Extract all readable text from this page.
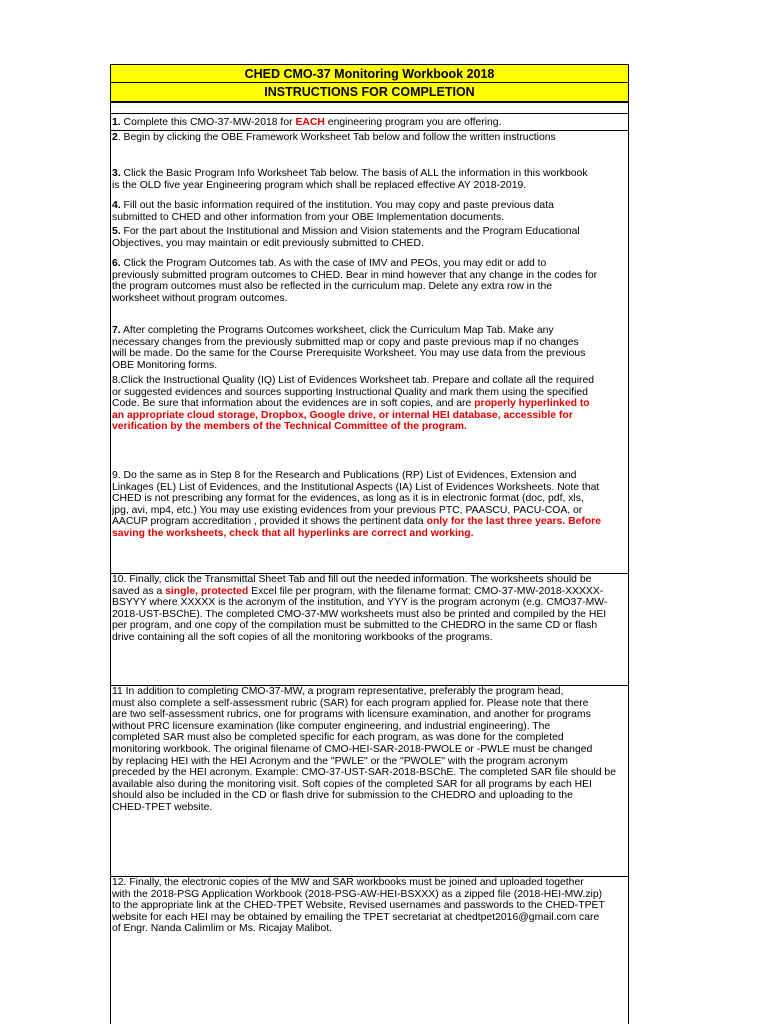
CHED CMO-37 Monitoring Workbook 2018
INSTRUCTIONS FOR COMPLETION
1. Complete this CMO-37-MW-2018 for EACH engineering program you are offering.
2. Begin by clicking the OBE Framework Worksheet Tab below and follow the written instructions
3. Click the Basic Program Info Worksheet Tab below. The basis of ALL the information in this workbook
is the OLD five year Engineering program which shall be replaced effective AY 2018-2019.
4. Fill out the basic information required of the institution. You may copy and paste previous data
submitted to CHED and other information from your OBE Implementation documents.
5. For the part about the Institutional and Mission and Vision statements and the Program Educational
Objectives, you may maintain or edit previously submitted to CHED.
6. Click the Program Outcomes tab. As with the case of IMV and PEOs, you may edit or add to
previously submitted program outcomes to CHED. Bear in mind however that any change in the codes for
the program outcomes must also be reflected in the curriculum map. Delete any extra row in the
worksheet without program outcomes.
7. After completing the Programs Outcomes worksheet, click the Curriculum Map Tab. Make any
necessary changes from the previously submitted map or copy and paste previous map if no changes
will be made. Do the same for the Course Prerequisite Worksheet. You may use data from the previous
OBE Monitoring forms.
8.Click the Instructional Quality (IQ) List of Evidences Worksheet tab. Prepare and collate all the required
or suggested evidences and sources supporting Instructional Quality and mark them using the specified
Code. Be sure that information about the evidences are in soft copies, and are properly hyperlinked to
an appropriate cloud storage, Dropbox, Google drive, or internal HEI database, accessible for
verification by the members of the Technical Committee of the program.
9. Do the same as in Step 8 for the Research and Publications (RP) List of Evidences, Extension and
Linkages (EL) List of Evidences, and the Institutional Aspects (IA) List of Evidences Worksheets. Note that
CHED is not prescribing any format for the evidences, as long as it is in electronic format (doc, pdf, xls,
jpg, avi, mp4, etc.) You may use existing evidences from your previous PTC, PAASCU, PACU-COA, or
AACUP program accreditation , provided it shows the pertinent data only for the last three years. Before
saving the worksheets, check that all hyperlinks are correct and working.
10. Finally, click the Transmittal Sheet Tab and fill out the needed information. The worksheets should be
saved as a single, protected Excel file per program, with the filename format: CMO-37-MW-2018-XXXXX-
BSYYY where XXXXX is the acronym of the institution, and YYY is the program acronym (e.g. CMO37-MW-
2018-UST-BSChE). The completed CMO-37-MW worksheets must also be printed and compiled by the HEI
per program, and one copy of the compilation must be submitted to the CHEDRO in the same CD or flash
drive containing all the soft copies of all the monitoring workbooks of the programs.
11 In addition to completing CMO-37-MW, a program representative, preferably the program head,
must also complete a self-assessment rubric (SAR) for each program applied for. Please note that there
are two self-assessment rubrics, one for programs with licensure examination, and another for programs
without PRC licensure examination (like computer engineering, and industrial engineering). The
completed SAR must also be completed specific for each program, as was done for the completed
monitoring workbook. The original filename of CMO-HEI-SAR-2018-PWOLE or -PWLE must be changed
by replacing HEI with the HEI Acronym and the "PWLE" or the "PWOLE" with the program acronym
preceded by the HEI acronym. Example: CMO-37-UST-SAR-2018-BSChE. The completed SAR file should be
available also during the monitoring visit. Soft copies of the completed SAR for all programs by each HEI
should also be included in the CD or flash drive for submission to the CHEDRO and uploading to the
CHED-TPET website.
12. Finally, the electronic copies of the MW and SAR workbooks must be joined and uploaded together
with the 2018-PSG Application Workbook (2018-PSG-AW-HEI-BSXXX) as a zipped file (2018-HEI-MW.zip)
to the appropriate link at the CHED-TPET Website, Revised usernames and passwords to the CHED-TPET
website for each HEI may be obtained by emailing the TPET secretariat at chedtpet2016@gmail.com care
of Engr. Nanda Calimlim or Ms. Ricajay Malibot.
